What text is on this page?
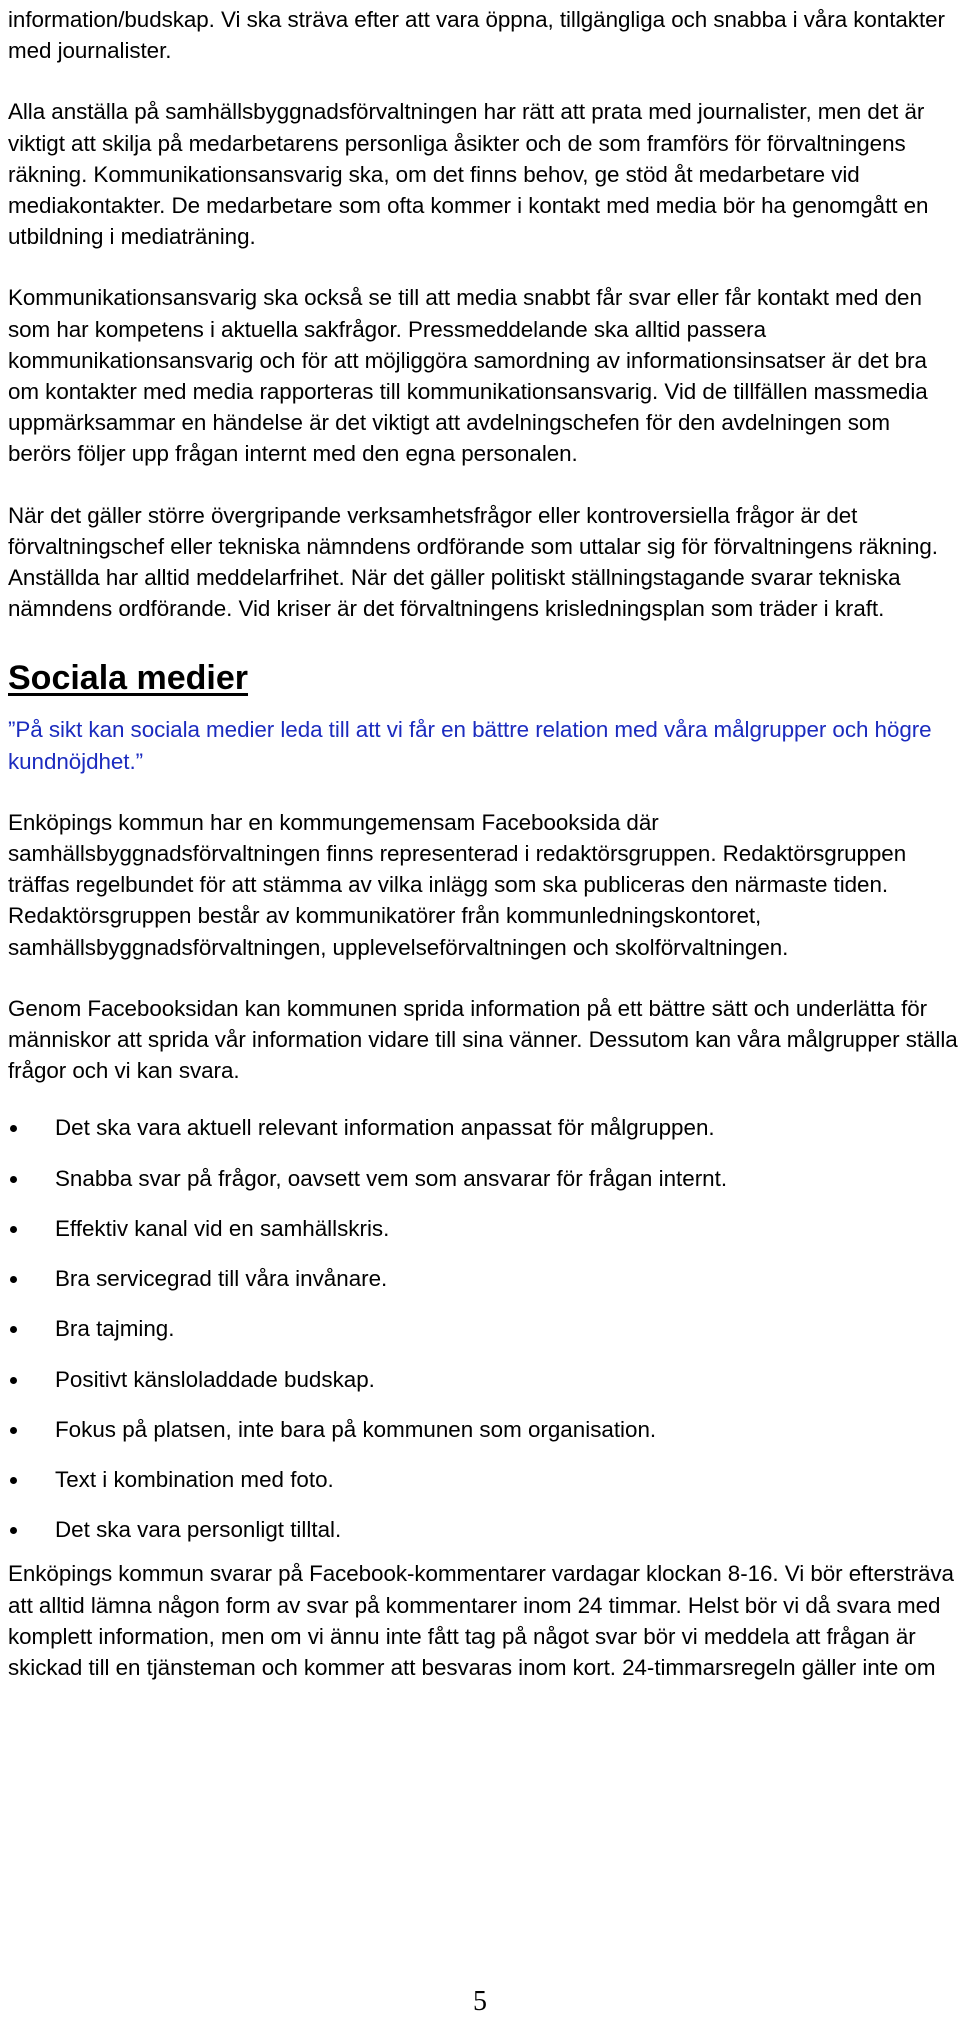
information/budskap. Vi ska sträva efter att vara öppna, tillgängliga och snabba i våra kontakter med journalister.

Alla anställa på samhällsbyggnadsförvaltningen har rätt att prata med journalister, men det är viktigt att skilja på medarbetarens personliga åsikter och de som framförs för förvaltningens räkning. Kommunikationsansvarig ska, om det finns behov, ge stöd åt medarbetare vid mediakontakter. De medarbetare som ofta kommer i kontakt med media bör ha genomgått en utbildning i mediaträning.

Kommunikationsansvarig ska också se till att media snabbt får svar eller får kontakt med den som har kompetens i aktuella sakfrågor. Pressmeddelande ska alltid passera kommunikationsansvarig och för att möjliggöra samordning av informationsinsatser är det bra om kontakter med media rapporteras till kommunikationsansvarig. Vid de tillfällen massmedia uppmärksammar en händelse är det viktigt att avdelningschefen för den avdelningen som berörs följer upp frågan internt med den egna personalen.

När det gäller större övergripande verksamhetsfrågor eller kontroversiella frågor är det förvaltningschef eller tekniska nämndens ordförande som uttalar sig för förvaltningens räkning. Anställda har alltid meddelarfrihet. När det gäller politiskt ställningstagande svarar tekniska nämndens ordförande. Vid kriser är det förvaltningens krisledningsplan som träder i kraft.

Sociala medier

”På sikt kan sociala medier leda till att vi får en bättre relation med våra målgrupper och högre kundnöjdhet.”

Enköpings kommun har en kommungemensam Facebooksida där samhällsbyggnadsförvaltningen finns representerad i redaktörsgruppen. Redaktörsgruppen träffas regelbundet för att stämma av vilka inlägg som ska publiceras den närmaste tiden. Redaktörsgruppen består av kommunikatörer från kommunledningskontoret, samhällsbyggnadsförvaltningen, upplevelseförvaltningen och skolförvaltningen.

Genom Facebooksidan kan kommunen sprida information på ett bättre sätt och underlätta för människor att sprida vår information vidare till sina vänner. Dessutom kan våra målgrupper ställa frågor och vi kan svara.

Det ska vara aktuell relevant information anpassat för målgruppen.
Snabba svar på frågor, oavsett vem som ansvarar för frågan internt.
Effektiv kanal vid en samhällskris.
Bra servicegrad till våra invånare.
Bra tajming.
Positivt känsloladdade budskap.
Fokus på platsen, inte bara på kommunen som organisation.
Text i kombination med foto.
Det ska vara personligt tilltal.

Enköpings kommun svarar på Facebook-kommentarer vardagar klockan 8-16. Vi bör eftersträva att alltid lämna någon form av svar på kommentarer inom 24 timmar. Helst bör vi då svara med komplett information, men om vi ännu inte fått tag på något svar bör vi meddela att frågan är skickad till en tjänsteman och kommer att besvaras inom kort. 24-timmarsregeln gäller inte om

5
